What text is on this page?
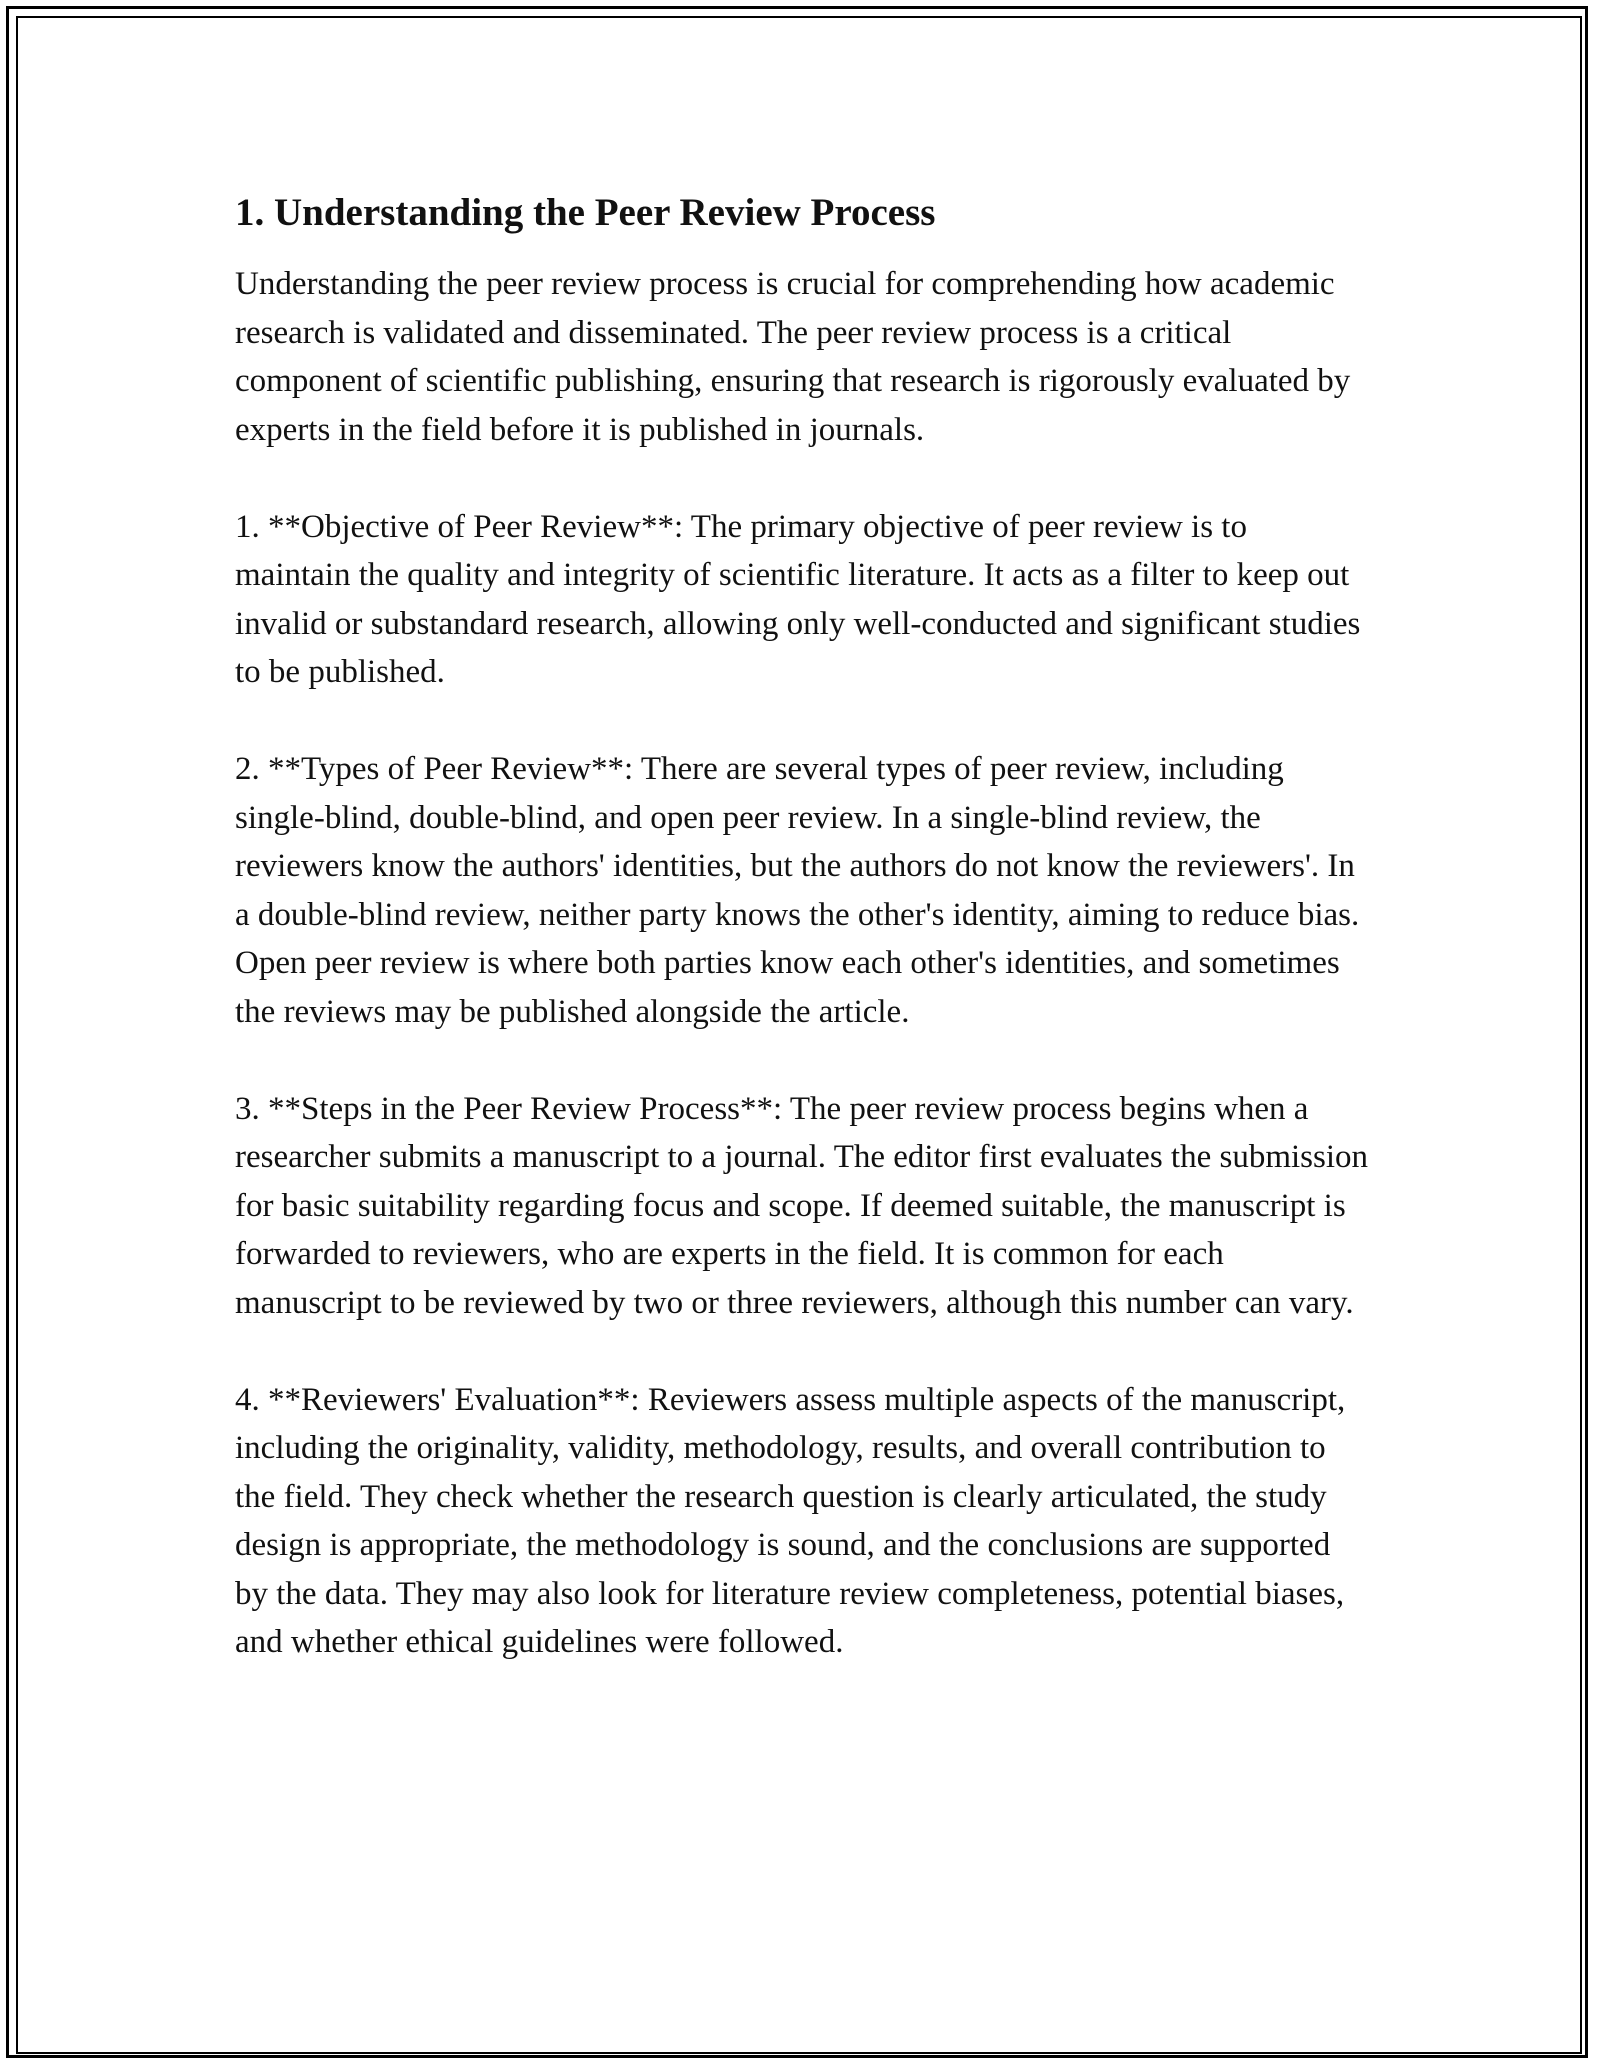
1. Understanding the Peer Review Process

Understanding the peer review process is crucial for comprehending how academic research is validated and disseminated. The peer review process is a critical component of scientific publishing, ensuring that research is rigorously evaluated by experts in the field before it is published in journals.

1. **Objective of Peer Review**: The primary objective of peer review is to maintain the quality and integrity of scientific literature. It acts as a filter to keep out invalid or substandard research, allowing only well-conducted and significant studies to be published.

2. **Types of Peer Review**: There are several types of peer review, including single-blind, double-blind, and open peer review. In a single-blind review, the reviewers know the authors' identities, but the authors do not know the reviewers'. In a double-blind review, neither party knows the other's identity, aiming to reduce bias. Open peer review is where both parties know each other's identities, and sometimes the reviews may be published alongside the article.

3. **Steps in the Peer Review Process**: The peer review process begins when a researcher submits a manuscript to a journal. The editor first evaluates the submission for basic suitability regarding focus and scope. If deemed suitable, the manuscript is forwarded to reviewers, who are experts in the field. It is common for each manuscript to be reviewed by two or three reviewers, although this number can vary.

4. **Reviewers' Evaluation**: Reviewers assess multiple aspects of the manuscript, including the originality, validity, methodology, results, and overall contribution to the field. They check whether the research question is clearly articulated, the study design is appropriate, the methodology is sound, and the conclusions are supported by the data. They may also look for literature review completeness, potential biases, and whether ethical guidelines were followed.
